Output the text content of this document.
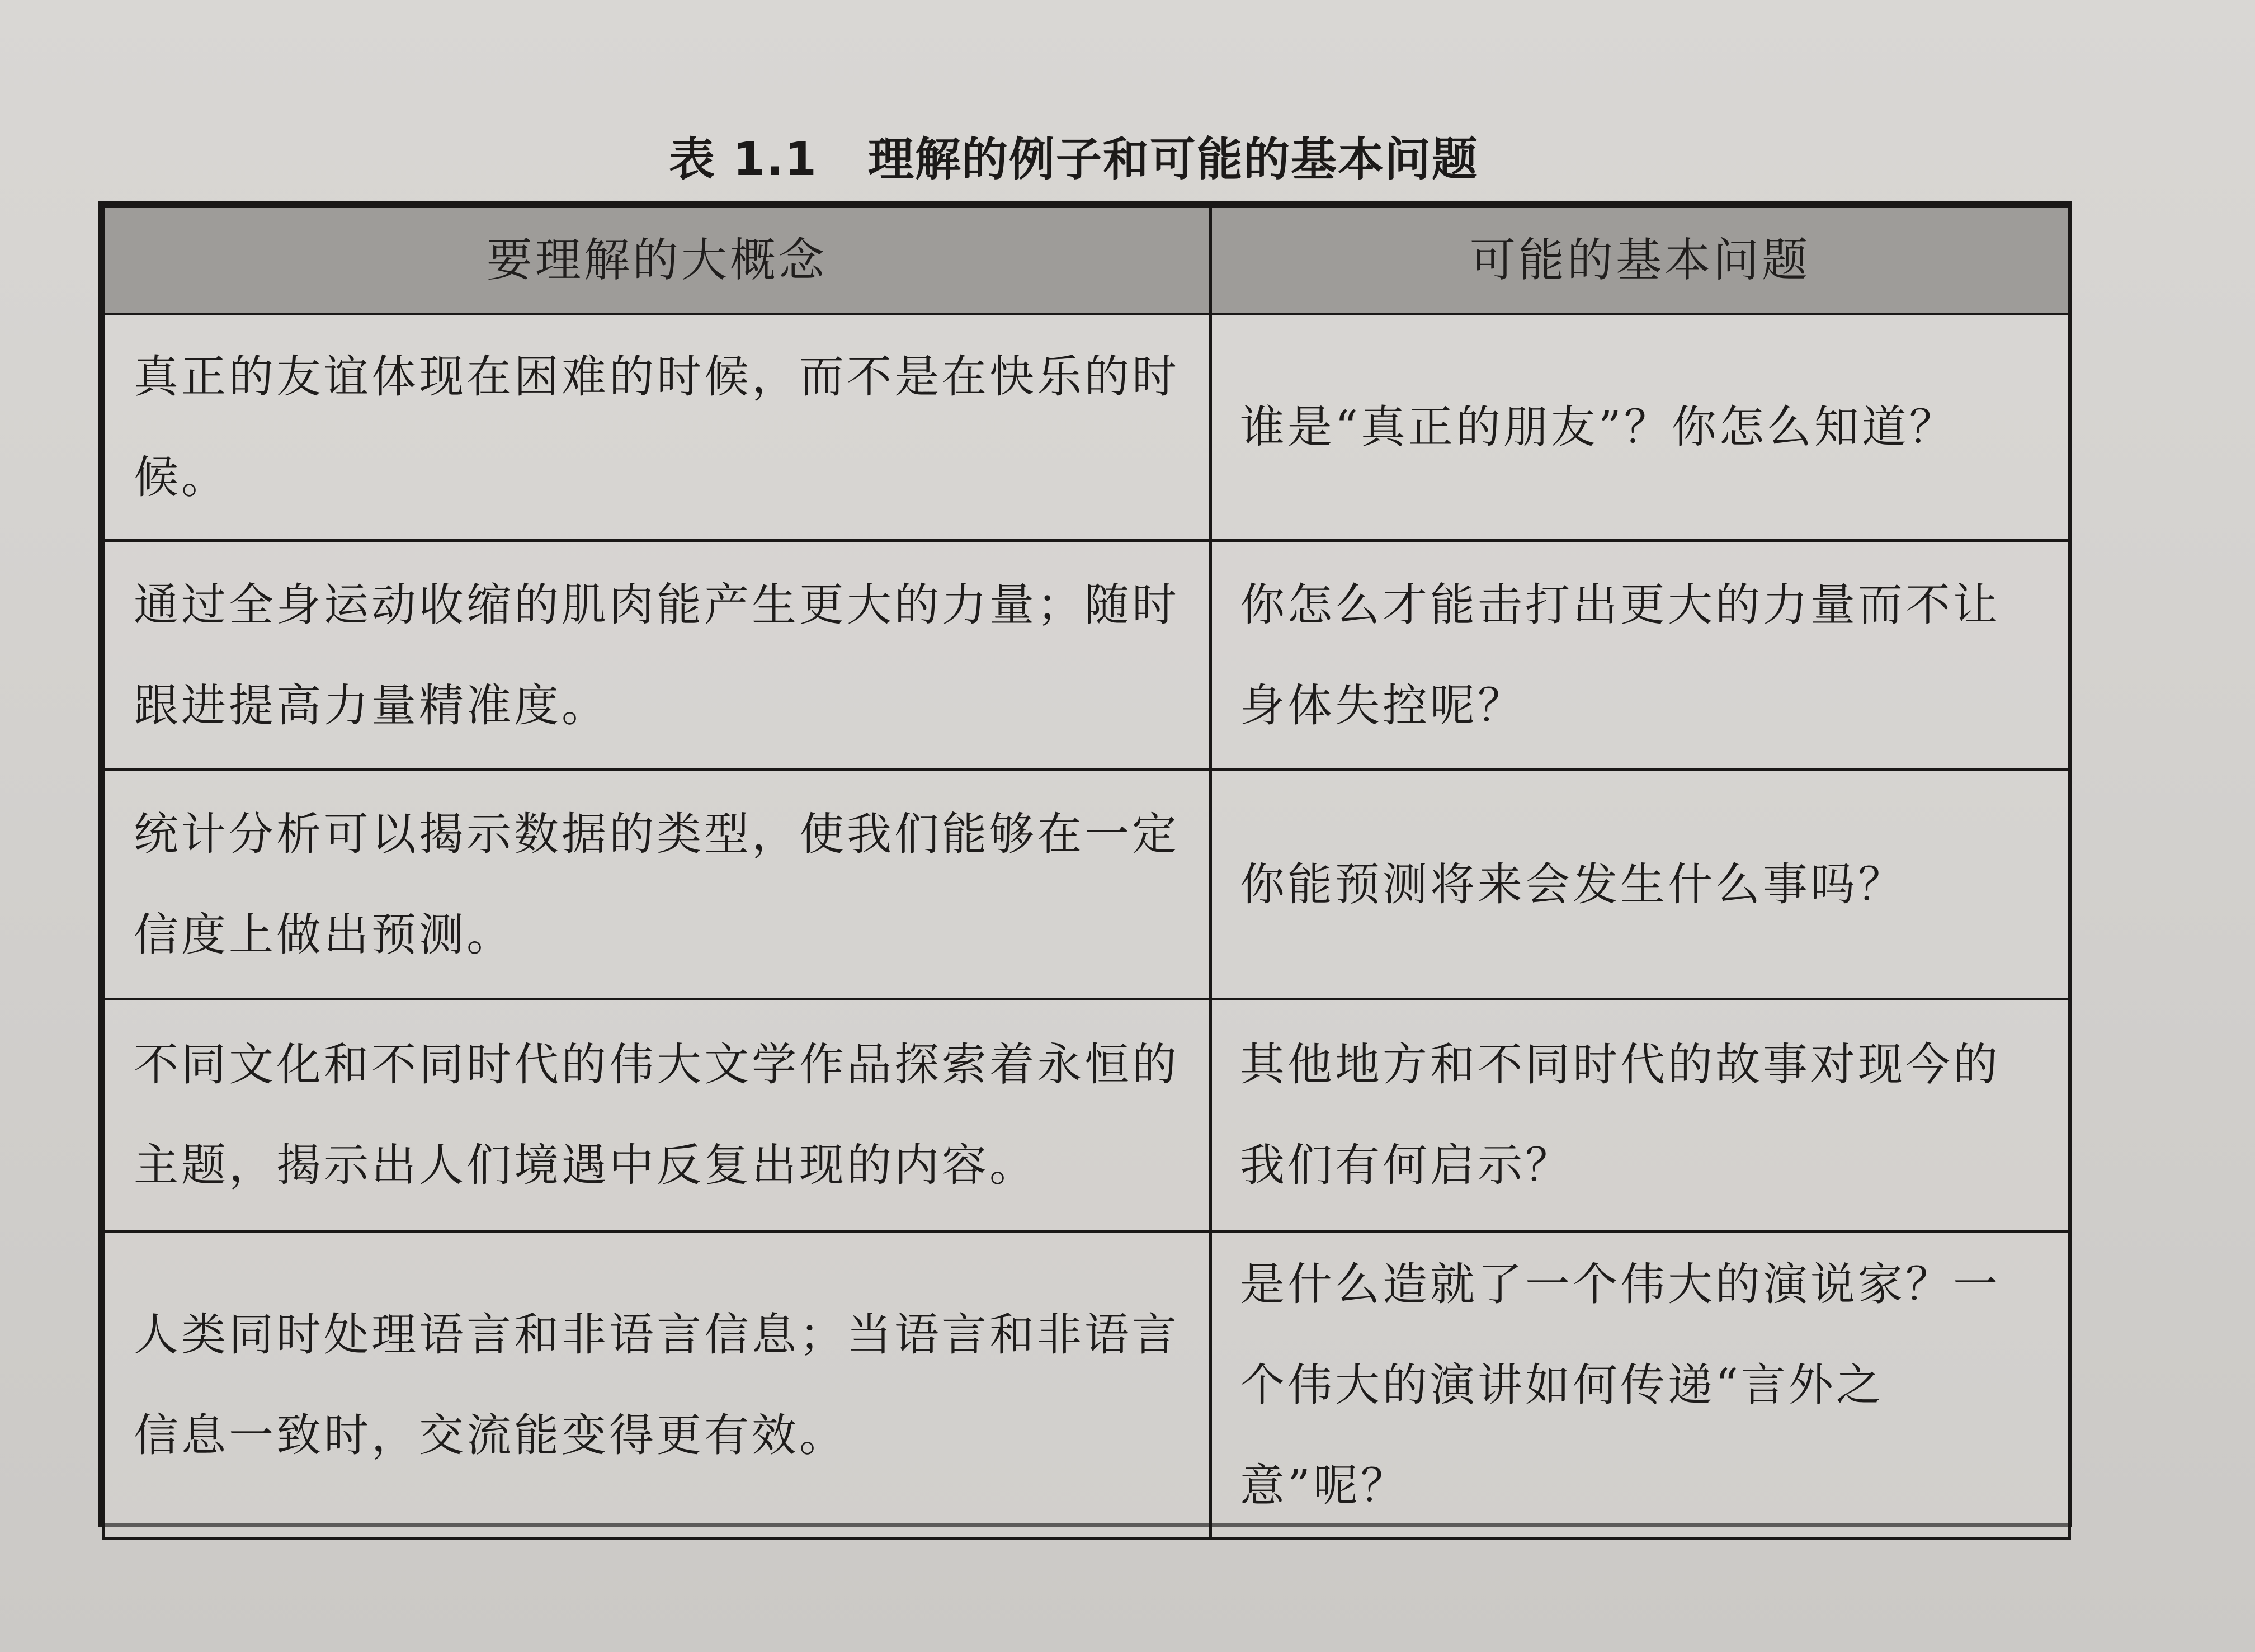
表 1.1 理解的例子和可能的基本问题
要理解的大概念	可能的基本问题
真正的友谊体现在困难的时候，而不是在快乐的时候。	谁是“真正的朋友”？你怎么知道？
通过全身运动收缩的肌肉能产生更大的力量；随时跟进提高力量精准度。	你怎么才能击打出更大的力量而不让身体失控呢？
统计分析可以揭示数据的类型，使我们能够在一定信度上做出预测。	你能预测将来会发生什么事吗？
不同文化和不同时代的伟大文学作品探索着永恒的主题，揭示出人们境遇中反复出现的内容。	其他地方和不同时代的故事对现今的我们有何启示？
人类同时处理语言和非语言信息；当语言和非语言信息一致时，交流能变得更有效。	是什么造就了一个伟大的演说家？一个伟大的演讲如何传递“言外之意”呢？
